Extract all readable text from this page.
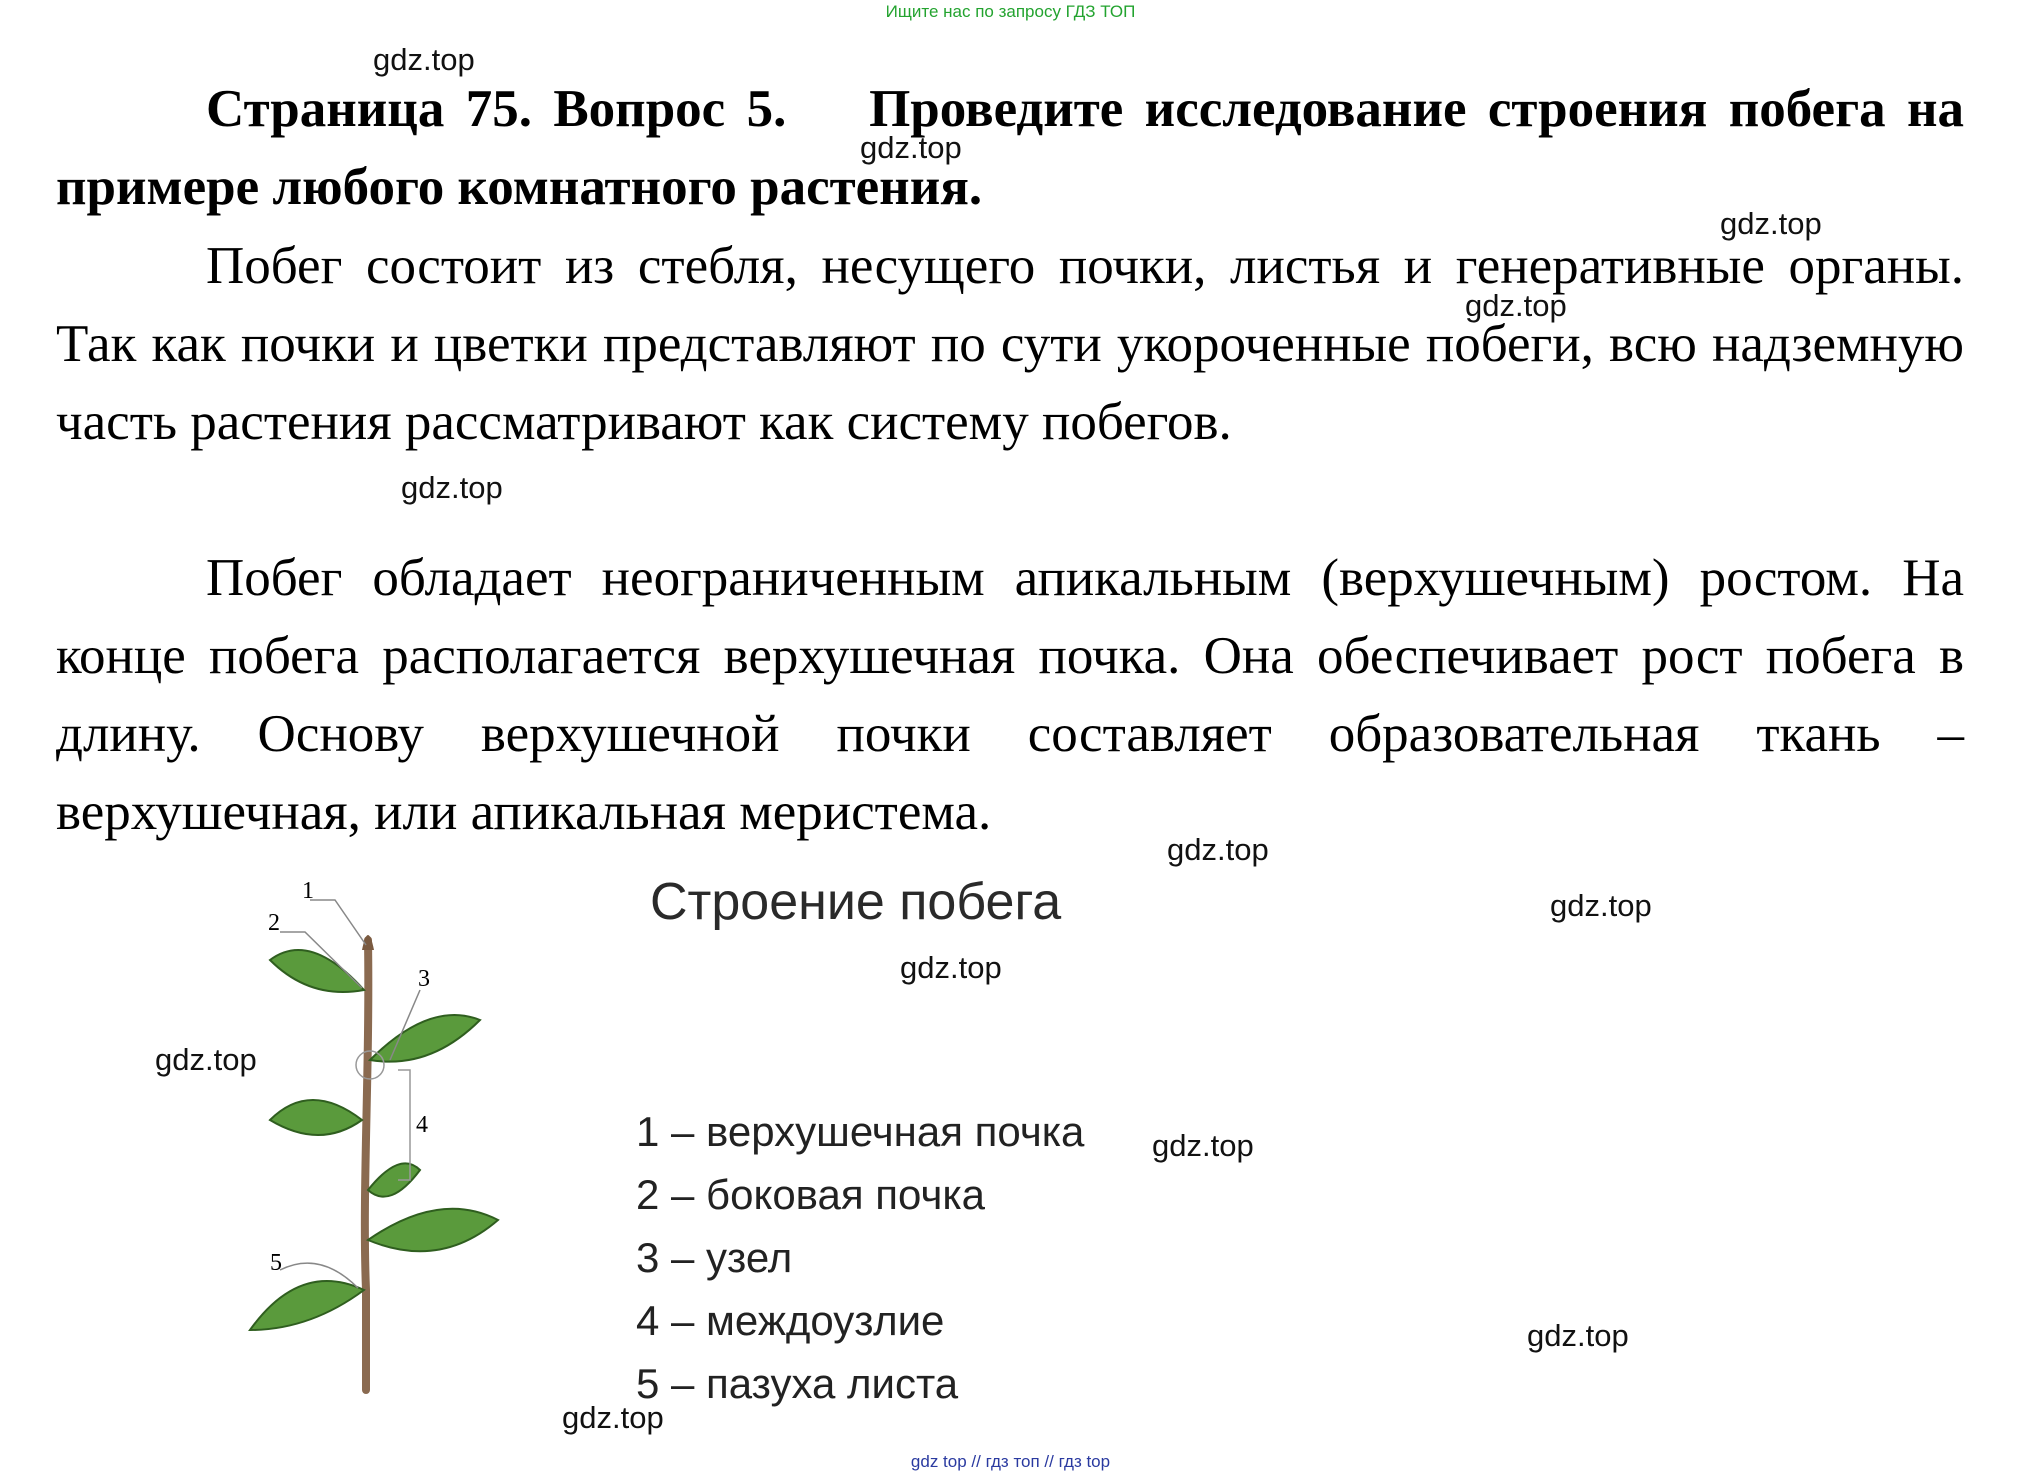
Ищите нас по запросу ГДЗ ТОП
Страница 75. Вопрос 5. Проведите исследование строения побега на примере любого комнатного растения.
Побег состоит из стебля, несущего почки, листья и генеративные органы. Так как почки и цветки представляют по сути укороченные побеги, всю надземную часть растения рассматривают как систему побегов.
Побег обладает неограниченным апикальным (верхушечным) ростом. На конце побега располагается верхушечная почка. Она обеспечивает рост побега в длину. Основу верхушечной почки составляет образовательная ткань – верхушечная, или апикальная меристема.
Строение побега
1
2
3
4
5
1 – верхушечная почка
2 – боковая почка
3 – узел
4 – междоузлие
5 – пазуха листа
gdz.top
gdz.top
gdz.top
gdz.top
gdz.top
gdz.top
gdz.top
gdz.top
gdz.top
gdz.top
gdz.top
gdz.top
gdz top // гдз топ // гдз top
